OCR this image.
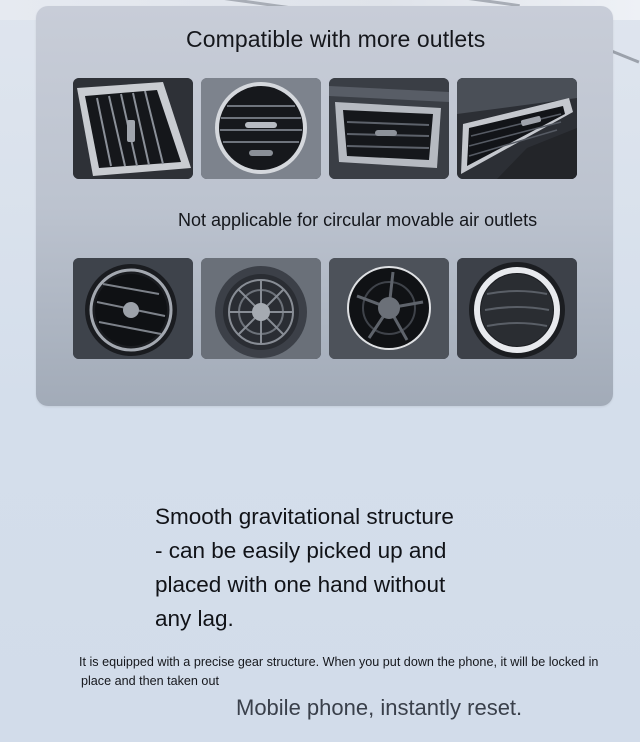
Compatible with more outlets
Not applicable for circular movable air outlets
Smooth gravitational structure
- can be easily picked up and
placed with one hand without
any lag.
It is equipped with a precise gear structure. When you put down the phone, it will be locked in
place and then taken out
Mobile phone, instantly reset.
